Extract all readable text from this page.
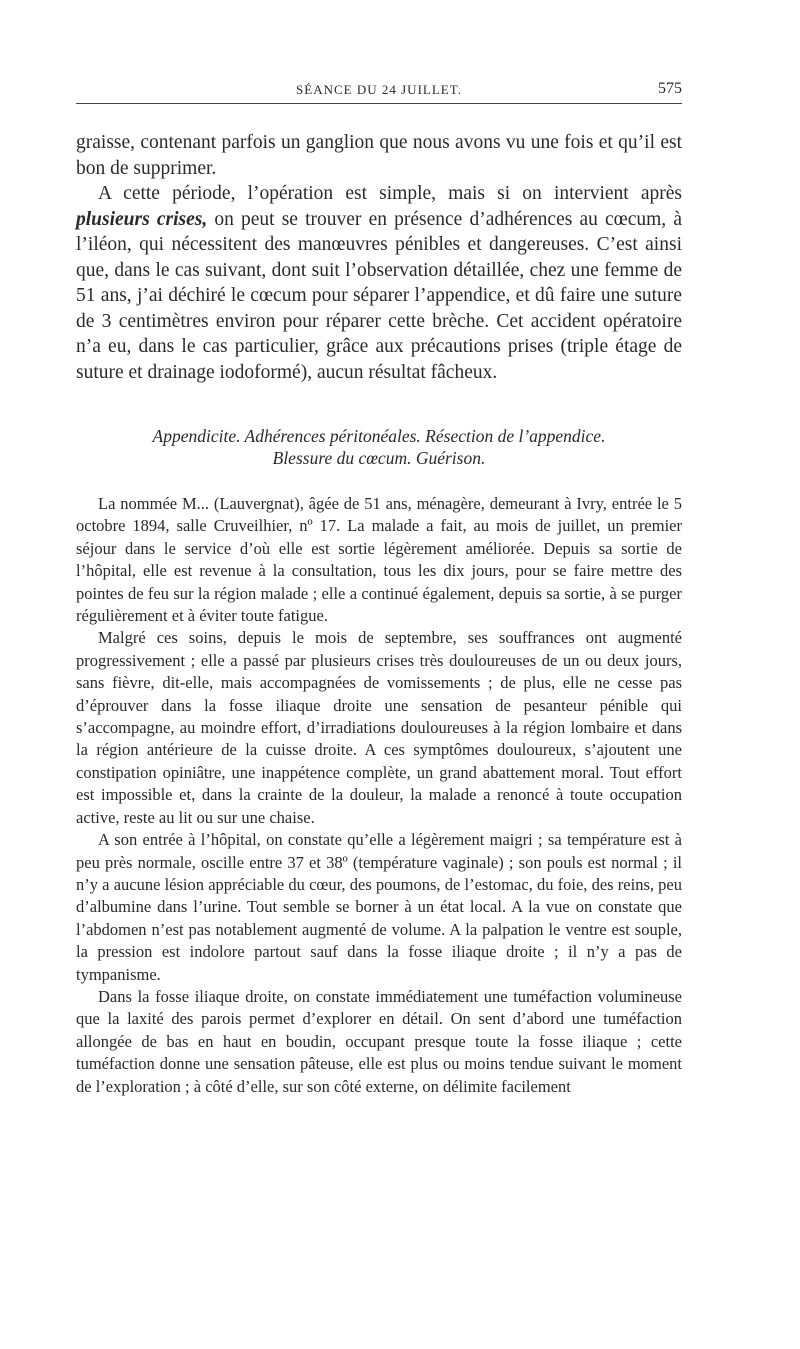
SÉANCE DU 24 JUILLET.	575

graisse, contenant parfois un ganglion que nous avons vu une fois et qu’il est bon de supprimer.

A cette période, l’opération est simple, mais si on intervient après plusieurs crises, on peut se trouver en présence d’adhérences au cœcum, à l’iléon, qui nécessitent des manœuvres pénibles et dangereuses. C’est ainsi que, dans le cas suivant, dont suit l’observation détaillée, chez une femme de 51 ans, j’ai déchiré le cœcum pour séparer l’appendice, et dû faire une suture de 3 centimètres environ pour réparer cette brèche. Cet accident opératoire n’a eu, dans le cas particulier, grâce aux précautions prises (triple étage de suture et drainage iodoformé), aucun résultat fâcheux.

Appendicite. Adhérences péritonéales. Résection de l’appendice.
Blessure du cœcum. Guérison.

La nommée M... (Lauvergnat), âgée de 51 ans, ménagère, demeurant à Ivry, entrée le 5 octobre 1894, salle Cruveilhier, nº 17. La malade a fait, au mois de juillet, un premier séjour dans le service d’où elle est sortie légèrement améliorée. Depuis sa sortie de l’hôpital, elle est revenue à la consultation, tous les dix jours, pour se faire mettre des pointes de feu sur la région malade ; elle a continué également, depuis sa sortie, à se purger régulièrement et à éviter toute fatigue.

Malgré ces soins, depuis le mois de septembre, ses souffrances ont augmenté progressivement ; elle a passé par plusieurs crises très douloureuses de un ou deux jours, sans fièvre, dit-elle, mais accompagnées de vomissements ; de plus, elle ne cesse pas d’éprouver dans la fosse iliaque droite une sensation de pesanteur pénible qui s’accompagne, au moindre effort, d’irradiations douloureuses à la région lombaire et dans la région antérieure de la cuisse droite. A ces symptômes douloureux, s’ajoutent une constipation opiniâtre, une inappétence complète, un grand abattement moral. Tout effort est impossible et, dans la crainte de la douleur, la malade a renoncé à toute occupation active, reste au lit ou sur une chaise.

A son entrée à l’hôpital, on constate qu’elle a légèrement maigri ; sa température est à peu près normale, oscille entre 37 et 38º (température vaginale) ; son pouls est normal ; il n’y a aucune lésion appréciable du cœur, des poumons, de l’estomac, du foie, des reins, peu d’albumine dans l’urine. Tout semble se borner à un état local. A la vue on constate que l’abdomen n’est pas notablement augmenté de volume. A la palpation le ventre est souple, la pression est indolore partout sauf dans la fosse iliaque droite ; il n’y a pas de tympanisme.

Dans la fosse iliaque droite, on constate immédiatement une tuméfaction volumineuse que la laxité des parois permet d’explorer en détail. On sent d’abord une tuméfaction allongée de bas en haut en boudin, occupant presque toute la fosse iliaque ; cette tuméfaction donne une sensation pâteuse, elle est plus ou moins tendue suivant le moment de l’exploration ; à côté d’elle, sur son côté externe, on délimite facilement
